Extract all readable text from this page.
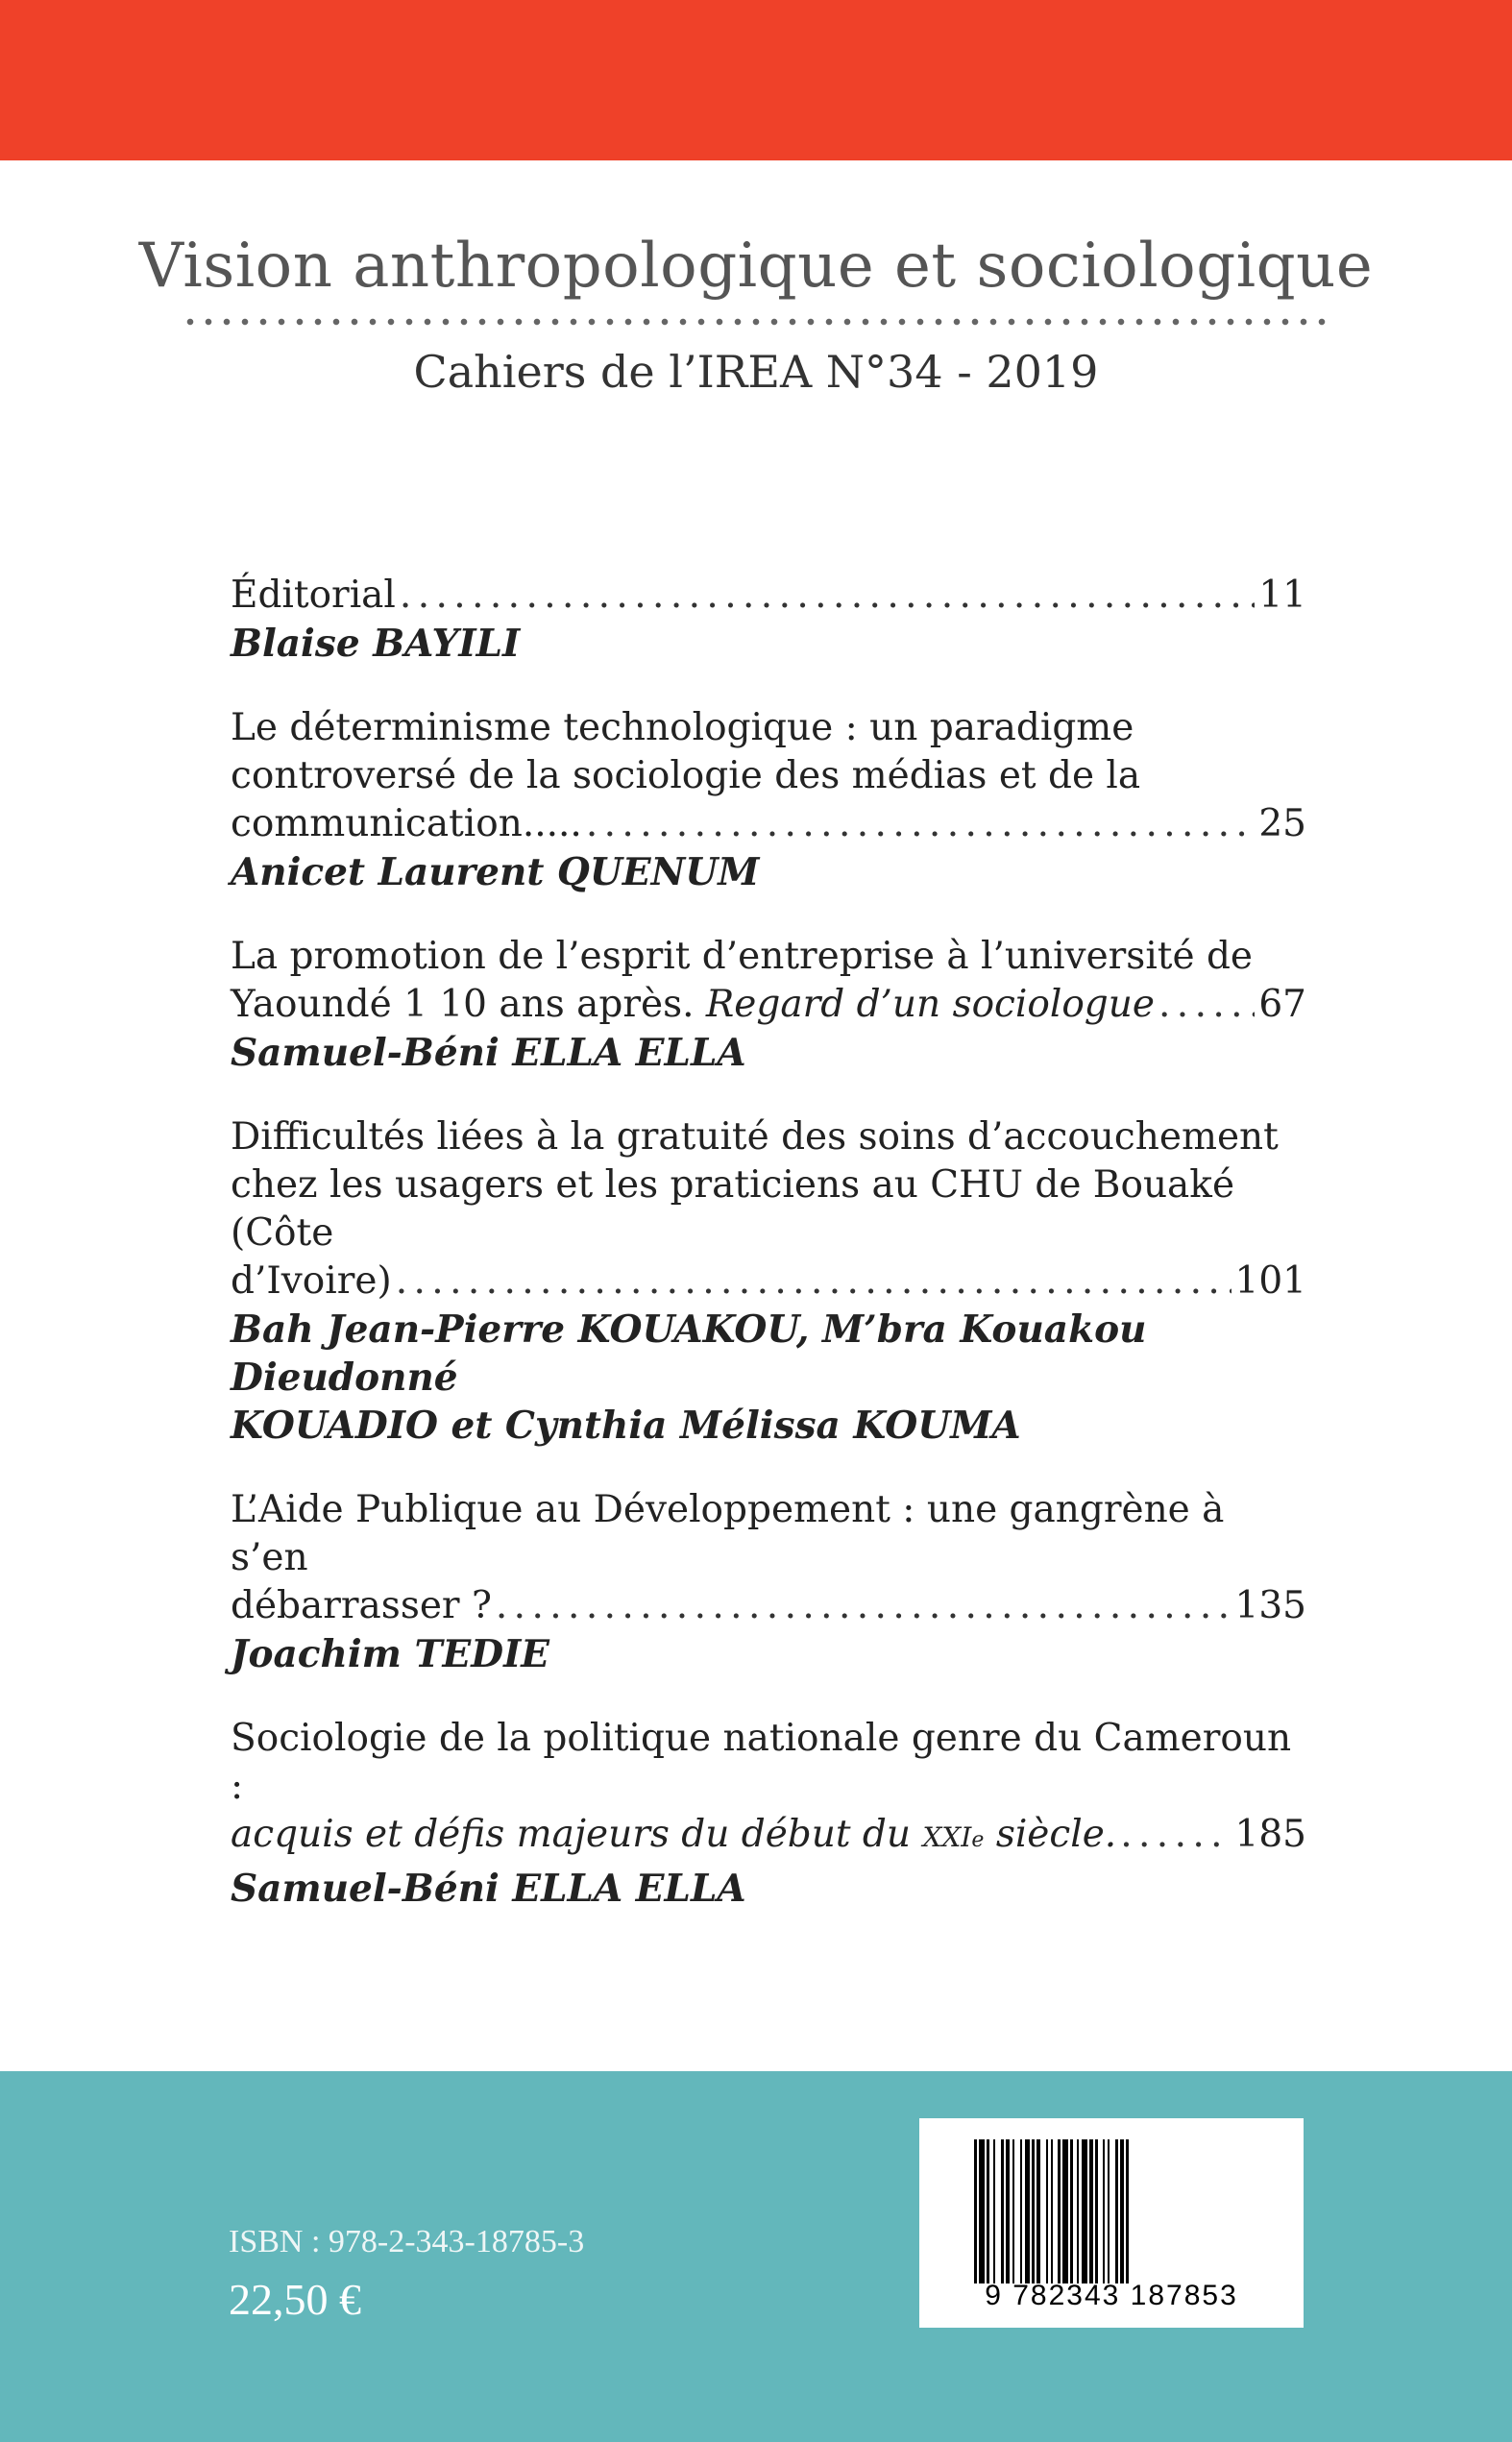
Vision anthropologique et sociologique
Cahiers de l’IREA N°34 - 2019
Éditorial . . .	11
Blaise BAYILI
Le déterminisme technologique : un paradigme
controversé de la sociologie des médias et de la
communication..... . . .	25
Anicet Laurent QUENUM
La promotion de l’esprit d’entreprise à l’université de
Yaoundé 1 10 ans après.
Regard d’un sociologue . . .	67
Samuel-Béni ELLA ELLA
Difficultés liées à la gratuité des soins d’accouchement
chez les usagers et les praticiens au CHU de Bouaké (Côte
d’Ivoire) . . .	101
Bah Jean-Pierre KOUAKOU, M’bra Kouakou Dieudonné
KOUADIO et Cynthia Mélissa KOUMA
L’Aide Publique au Développement : une gangrène à s’en
débarrasser ? . . .	135
Joachim TEDIE
Sociologie de la politique nationale genre du Cameroun :
acquis et défis majeurs du début du
XXI e
siècle. . . .	185
Samuel-Béni ELLA ELLA
ISBN : 978-2-343-18785-3
22,50 €	9 782343 187853
